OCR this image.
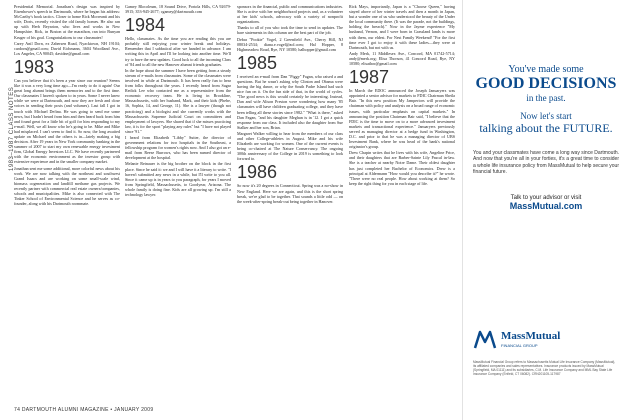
1983–1987 CLASS NOTES

Presidential Memorial. Jonathan's design was inspired by Eisenhower's speech in Dartmouth, where he began his address: McCarthy's book tactics. Closer to home Rick Morreanti and his wife, Doris, recently visited the old family homes. He also ran up with Herb Beyarion, who lives and works in New Hampshire. Rick, in Boston at the marathon, ran into Bunyan Kruger of his goal. Congratulations to our classmates!

Carey Anil Dorn, ex Zabersen Road, Nyacktown, NH 19104; cardorn@gmail.com; David Eichmann, 3604 Woodland Ave., Los Angeles, CA 90045; davidne@gmail.com

1983

Can you believe that it's been a year since our reunion? Seems like it was a very long time ago—I'm ready to do it again! Our great long alumni brings them memories and to the first time. Our classmates I haven't spoken to in years. Some I never knew while we were at Dartmouth, and now they are fresh and close voices in sending their posts (and volumes). Last fall I got in touch with Michael Defina. He was going to send me some news, but I hadn't heard from him and then heard back from him and found great for a little bit of golf for him responding to my e-mail. Well, we all know who he's going to be. Mike and Mike had misplaced. I can't seem to find it. So now, the long awaited update on Michael and the others is in—lately making a big decision. After 19 years in New York community banking in the summer of 2007 to start my own renewable energy investment firm, Global Energy Investors LLC. We have recently partnered with the economic environment as the investor group with extensive experience and in the smaller company market.

Jonathan sent me some additional, more colorful news about his work. We are now talking with the northeast and southwest Grand Isaacs and are working on some small-scale wind, biomass cogeneration and landfill methane gas projects. We recently partner with commercial real estate owners/companies, schools and municipalities. Mike is also connected with The Tinker School of Environmental Science and he serves as co-founder, along with his Dartmouth roommate.

Gamey Blocoleum, 18 Sound Drive, Portola Hills, CA 92679-3915; 353-945-2677; cgamey@dartmouth.com

1984

Hello, classmates. As the time you are reading this you are probably still enjoying your winter break and holidays. Remember that I sabbatical after we handed in advance. I am writing this in April and I'll be looking into another time. We'll try to have the new updates. Good luck to all the incoming Class of '84 and to all the new Hanover alumni friends graduates.

In the hope about the summer I have been getting from a steady stream of e-mails from classmates. Some of the classmates were involved in while at Dartmouth. It has been really fun to hear from folks throughout the years. I recently heard from Sugar Redick Lee who contacted me as a representative from the economic recovery team. He is living in Brookline, Massachusetts, with her husband, Mark, and their kids (Phebe, 16, Sophia, 14, and George, 11). She is a lawyer (though not practicing) and a biologist and she currently works with the Massachusetts Supreme Judicial Court on committees and employment of lawyers. She shared that if she misses practicing law, it is for the sport "playing any rules" but "I have not played since '91."

I heard from Elizabeth "Libby" Sutter, the director of government relations for two hospitals in the Southeast, a fellowship program for women's rights now. And I also got an e-mail from Reese Burrows, who has been named director of development at the hospital.

Melanie Reinauer is the big brother on the block in the first place. Since he said it: we and I will have it a literary to write. "I haven't submitted any news in a while, but I'll write to you all. Since it came up is in years to you paragraph, for years I moved from Springfield, Massachusetts, to Goodyear, Arizona. The whole family is doing fine. Kids are all growing up. I'm still a technology lawyer.

sponsors in the financial, public and communications industries. She is active with her neighborhood projects and, as a volunteer at her kids' schools, advocacy with a variety of nonprofit organizations.

Thanks to all of you who took the time to send in updates. The bare statements in this column are the best part of the job.

Debra "Pookie" Vogel, 2 Greenfield Ave., Cherry Hill, NJ 08034-2534; diana.e.vogel@aol.com; Hal Hopper, 8 Highmeadow Road, Rye, NY 10580; halhopper@gmail.com

1985

I received an e-mail from Dan "Piggy" Fagan, who raised a and questions. But he wasn't asking why Clinton and Obama were having the big dance, or why the South Padre Island had such nice fun on it. On the fun side of that, in the world of cycles. "The good news is this would certainly be interesting. Instead, Dan and wife Alison Preston were wondering how many '85 classmates will have children graduating college, and they have been telling all these stories since 1982." "What is there," asked Dan Fagan, "and his daughter Meghan is in '12. I got a quick response from our class. It included also the daughter from Sue Stalker and her son, Brian.

Margaret Walker willing to hear from the members of our class and other College-athletes in August. Mike and his wife Elizabeth are working for women. One of the current events is being co-chaired at The Nature Conservancy. The ongoing 300th anniversary of the College in 2019 is something to look forward to.

1986

So now it's 20 degrees in Connecticut. Spring was a no-show in New England. Here we are again, and this is the short spring break, we're glad to be together. That sounds a little odd — on the week-after-spring break-out being together in Hanover.

Rick Mays, importantly, Japan is a "Choose Queen," having stayed above of her winter travels and then a month in Japan, but a wonder one of us who understood the beauty of the Under the local community there. (It was the parade, not the buildings, holding the breach)." Now in the Jayme experience "My husband, Vernon, and I were born in Grassland lands is more with them, our eldest. For Nest Family Weekend! "For the first time ever I got to enjoy it with these ladies—they were at Dartmouth, but not with us.

Andy Merk, 11 Middlesex Ave., Concord, MA 01742-5714; andy@merk.org; Elisa Thorson, 41 Concord Road, Rye, NY 10580; elisathor@gmail.com

1987

In March the EDOC announced the Joseph Januaryers was appointed a senior advisor for markets to FDIC Chairman Sheila Bair. "In this new position My Jamperiors will provide the chairman with policy and analysis on a broad range of economic issues, with particular emphasis on capital markets." In announcing the position Chairman Bair said, "I believe that the FDIC is the time to move on to a more advanced investment markets and transactional experience." Januaryers previously served as managing director at a hedge fund in Washington, D.C. and prior to that he was a managing director of UBS Investment Bank, where he was head of the bank's national originator's group.

Drew Chapin writes that he lives with his wife, Angeline Price, and their daughters that are Barber-Sainte Lily Pascal in-law. She is a teacher at nearby Notre Dame. Their oldest daughter has just completed her Bachelor of Economics. Drew is a principal at Aldermann "How would you describe it?" he wrote. "There were no real people. How about working at them? So keep the right thing for you in each stage of life.

74 DARTMOUTH ALUMNI MAGAZINE • JANUARY 2009
You've made some
GOOD DECISIONS
in the past.
Now let's start
talking about the FUTURE.
You and your classmates have come a long way since Dartmouth. And now that you're all in your forties, it's a great time to consider a whole life insurance policy from MassMutual to help secure your financial future.
Talk to your advisor or visit
MassMutual.com
MassMutual
FINANCIAL GROUP
MassMutual Financial Group refers to Massachusetts Mutual Life Insurance Company (MassMutual), its affiliated companies and sales representatives. Insurance products issued by MassMutual (Springfield, MA 01111) and its subsidiaries, C.M. Life Insurance Company and MML Bay State Life Insurance Company (Enfield, CT 06082). CRN201105-117987
